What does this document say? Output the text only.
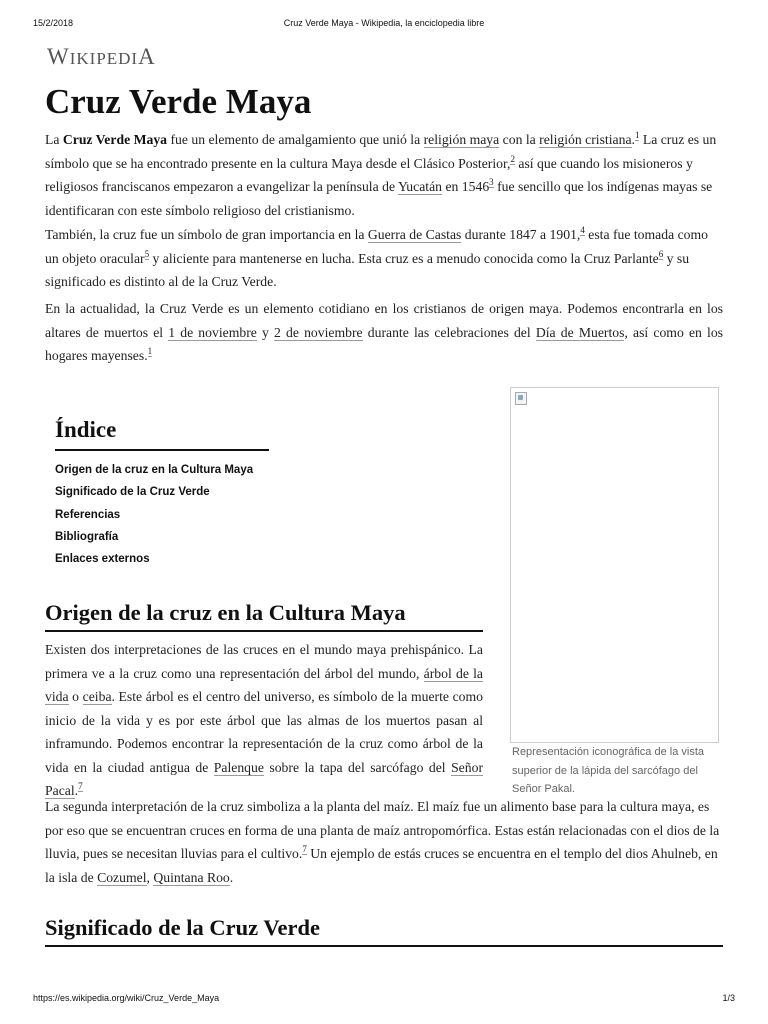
15/2/2018	Cruz Verde Maya - Wikipedia, la enciclopedia libre
WIKIPEDIA
Cruz Verde Maya

La Cruz Verde Maya fue un elemento de amalgamiento que unió la religión maya con la religión cristiana.$^1$ La cruz es un símbolo que se ha encontrado presente en la cultura Maya desde el Clásico Posterior,$^2$ así que cuando los misioneros y religiosos franciscanos empezaron a evangelizar la península de Yucatán en 1546$^3$ fue sencillo que los indígenas mayas se identificaran con este símbolo religioso del cristianismo.

También, la cruz fue un símbolo de gran importancia en la Guerra de Castas durante 1847 a 1901,$^4$ esta fue tomada como un objeto oracular$^5$ y aliciente para mantenerse en lucha. Esta cruz es a menudo conocida como la Cruz Parlante$^6$ y su significado es distinto al de la Cruz Verde.

En la actualidad, la Cruz Verde es un elemento cotidiano en los cristianos de origen maya. Podemos encontrarla en los altares de muertos el 1 de noviembre y 2 de noviembre durante las celebraciones del Día de Muertos, así como en los hogares mayenses.$^1$

Índice
Origen de la cruz en la Cultura Maya
Significado de la Cruz Verde
Referencias
Bibliografía
Enlaces externos

Representación iconográfica de la vista superior de la lápida del sarcófago del Señor Pakal.

Origen de la cruz en la Cultura Maya

Existen dos interpretaciones de las cruces en el mundo maya prehispánico. La primera ve a la cruz como una representación del árbol del mundo, árbol de la vida o ceiba. Este árbol es el centro del universo, es símbolo de la muerte como inicio de la vida y es por este árbol que las almas de los muertos pasan al inframundo. Podemos encontrar la representación de la cruz como árbol de la vida en la ciudad antigua de Palenque sobre la tapa del sarcófago del Señor Pacal.$^7$

La segunda interpretación de la cruz simboliza a la planta del maíz. El maíz fue un alimento base para la cultura maya, es por eso que se encuentran cruces en forma de una planta de maíz antropomórfica. Estas están relacionadas con el dios de la lluvia, pues se necesitan lluvias para el cultivo.$^7$ Un ejemplo de estás cruces se encuentra en el templo del dios Ahulneb, en la isla de Cozumel, Quintana Roo.

Significado de la Cruz Verde
https://es.wikipedia.org/wiki/Cruz_Verde_Maya	1/3
